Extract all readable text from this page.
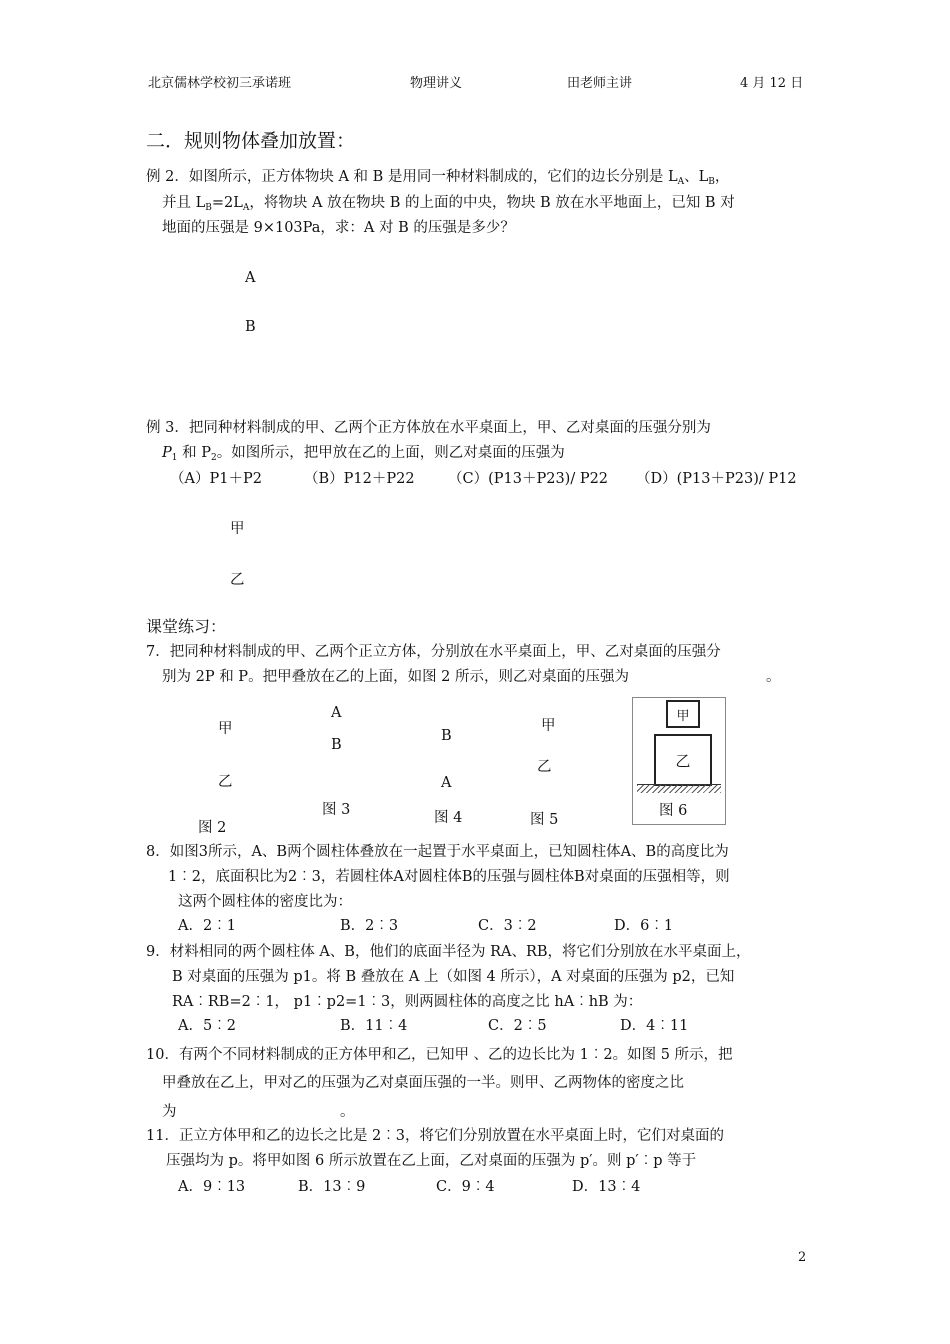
北京儒林学校初三承诺班	物理讲义	田老师主讲	4 月 12 日
二．规则物体叠加放置：
例 2．如图所示，正方体物块 A 和 B 是用同一种材料制成的，它们的边长分别是 $L_A$、$L_B$，
并且 $L_B=2L_A$，将物块 A 放在物块 B 的上面的中央，物块 B 放在水平地面上，已知 B 对
地面的压强是 9×103Pa，求：A 对 B 的压强是多少？
A
B
例 3．把同种材料制成的甲、乙两个正方体放在水平桌面上，甲、乙对桌面的压强分别为
$P_1$ 和 $P_2$。如图所示，把甲放在乙的上面，则乙对桌面的压强为
（A）P1＋P2	（B）P12＋P22 （C）(P13＋P23)/ P22 （D）(P13＋P23)/ P12
甲
乙
课堂练习：
7．把同种材料制成的甲、乙两个正立方体，分别放在水平桌面上，甲、乙对桌面的压强分
别为 2P 和 P。把甲叠放在乙的上面，如图 2 所示，则乙对桌面的压强为	。
甲
乙
图 2
A
B
图 3
B
A
图 4
甲
乙
图 5
甲
乙
图 6
8．如图3所示，A、B两个圆柱体叠放在一起置于水平桌面上，已知圆柱体A、B的高度比为
1︰2，底面积比为2︰3，若圆柱体A对圆柱体B的压强与圆柱体B对桌面的压强相等，则
这两个圆柱体的密度比为：
A．2︰1	B．2︰3	C．3︰2	D．6︰1
9．材料相同的两个圆柱体 A、B，他们的底面半径为 RA、RB，将它们分别放在水平桌面上，
B 对桌面的压强为 p1。将 B 叠放在 A 上（如图 4 所示），A 对桌面的压强为 p2，已知
RA︰RB=2︰1， p1︰p2=1︰3，则两圆柱体的高度之比 hA︰hB 为：
A．5︰2	B．11︰4	C．2︰5	D．4︰11
10．有两个不同材料制成的正方体甲和乙，已知甲 、乙的边长比为 1︰2。如图 5 所示，把
甲叠放在乙上，甲对乙的压强为乙对桌面压强的一半。则甲、乙两物体的密度之比
为	。
11．正立方体甲和乙的边长之比是 2︰3，将它们分别放置在水平桌面上时，它们对桌面的
压强均为 p。将甲如图 6 所示放置在乙上面，乙对桌面的压强为 p′。则 p′︰p 等于
A．9︰13	B．13︰9	C．9︰4	D．13︰4
2
